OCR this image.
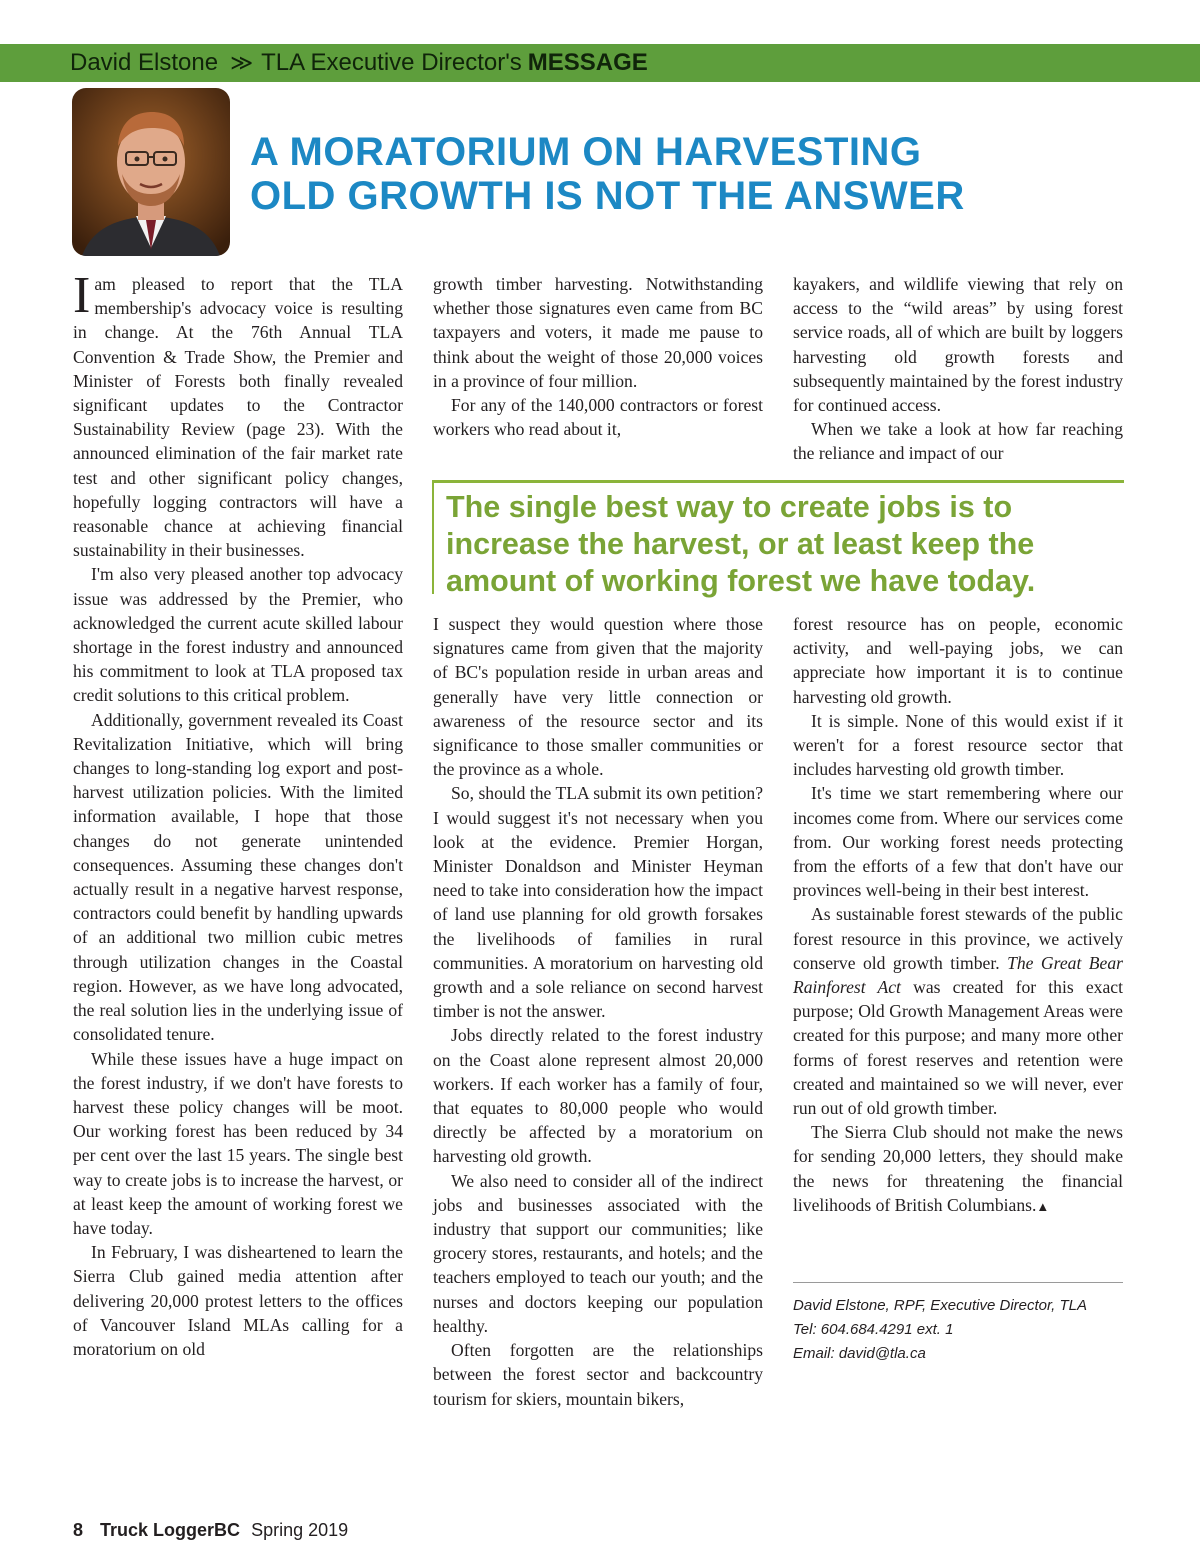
David Elstone ≫ TLA Executive Director's MESSAGE
A MORATORIUM ON HARVESTING
OLD GROWTH IS NOT THE ANSWER

Iam pleased to report that the TLA membership's advocacy voice is resulting in change. At the 76th Annual TLA Convention & Trade Show, the Premier and Minister of Forests both finally revealed significant updates to the Contractor Sustainability Review (page 23). With the announced elimination of the fair market rate test and other significant policy changes, hopefully logging contractors will have a reasonable chance at achieving financial sustainability in their businesses.

I'm also very pleased another top advocacy issue was addressed by the Premier, who acknowledged the current acute skilled labour shortage in the forest industry and announced his commitment to look at TLA proposed tax credit solutions to this critical problem.

Additionally, government revealed its Coast Revitalization Initiative, which will bring changes to long-standing log export and post-harvest utilization policies. With the limited information available, I hope that those changes do not generate unintended consequences. Assuming these changes don't actually result in a negative harvest response, contractors could benefit by handling upwards of an additional two million cubic metres through utilization changes in the Coastal region. However, as we have long advocated, the real solution lies in the underlying issue of consolidated tenure.

While these issues have a huge impact on the forest industry, if we don't have forests to harvest these policy changes will be moot. Our working forest has been reduced by 34 per cent over the last 15 years. The single best way to create jobs is to increase the harvest, or at least keep the amount of working forest we have today.

In February, I was disheartened to learn the Sierra Club gained media attention after delivering 20,000 protest letters to the offices of Vancouver Island MLAs calling for a moratorium on old

growth timber harvesting. Notwithstanding whether those signatures even came from BC taxpayers and voters, it made me pause to think about the weight of those 20,000 voices in a province of four million.

For any of the 140,000 contractors or forest workers who read about it,

kayakers, and wildlife viewing that rely on access to the “wild areas” by using forest service roads, all of which are built by loggers harvesting old growth forests and subsequently maintained by the forest industry for continued access.

When we take a look at how far reaching the reliance and impact of our

The single best way to create jobs is to increase the harvest, or at least keep the amount of working forest we have today.

I suspect they would question where those signatures came from given that the majority of BC's population reside in urban areas and generally have very little connection or awareness of the resource sector and its significance to those smaller communities or the province as a whole.

So, should the TLA submit its own petition? I would suggest it's not necessary when you look at the evidence. Premier Horgan, Minister Donaldson and Minister Heyman need to take into consideration how the impact of land use planning for old growth forsakes the livelihoods of families in rural communities. A moratorium on harvesting old growth and a sole reliance on second harvest timber is not the answer.

Jobs directly related to the forest industry on the Coast alone represent almost 20,000 workers. If each worker has a family of four, that equates to 80,000 people who would directly be affected by a moratorium on harvesting old growth.

We also need to consider all of the indirect jobs and businesses associated with the industry that support our communities; like grocery stores, restaurants, and hotels; and the teachers employed to teach our youth; and the nurses and doctors keeping our population healthy.

Often forgotten are the relationships between the forest sector and backcountry tourism for skiers, mountain bikers,

forest resource has on people, economic activity, and well-paying jobs, we can appreciate how important it is to continue harvesting old growth.

It is simple. None of this would exist if it weren't for a forest resource sector that includes harvesting old growth timber.

It's time we start remembering where our incomes come from. Where our services come from. Our working forest needs protecting from the efforts of a few that don't have our provinces well-being in their best interest.

As sustainable forest stewards of the public forest resource in this province, we actively conserve old growth timber. The Great Bear Rainforest Act was created for this exact purpose; Old Growth Management Areas were created for this purpose; and many more other forms of forest reserves and retention were created and maintained so we will never, ever run out of old growth timber.

The Sierra Club should not make the news for sending 20,000 letters, they should make the news for threatening the financial livelihoods of British Columbians.▲

David Elstone, RPF, Executive Director, TLA
Tel: 604.684.4291 ext. 1
Email: david@tla.ca
8 Truck LoggerBC Spring 2019
